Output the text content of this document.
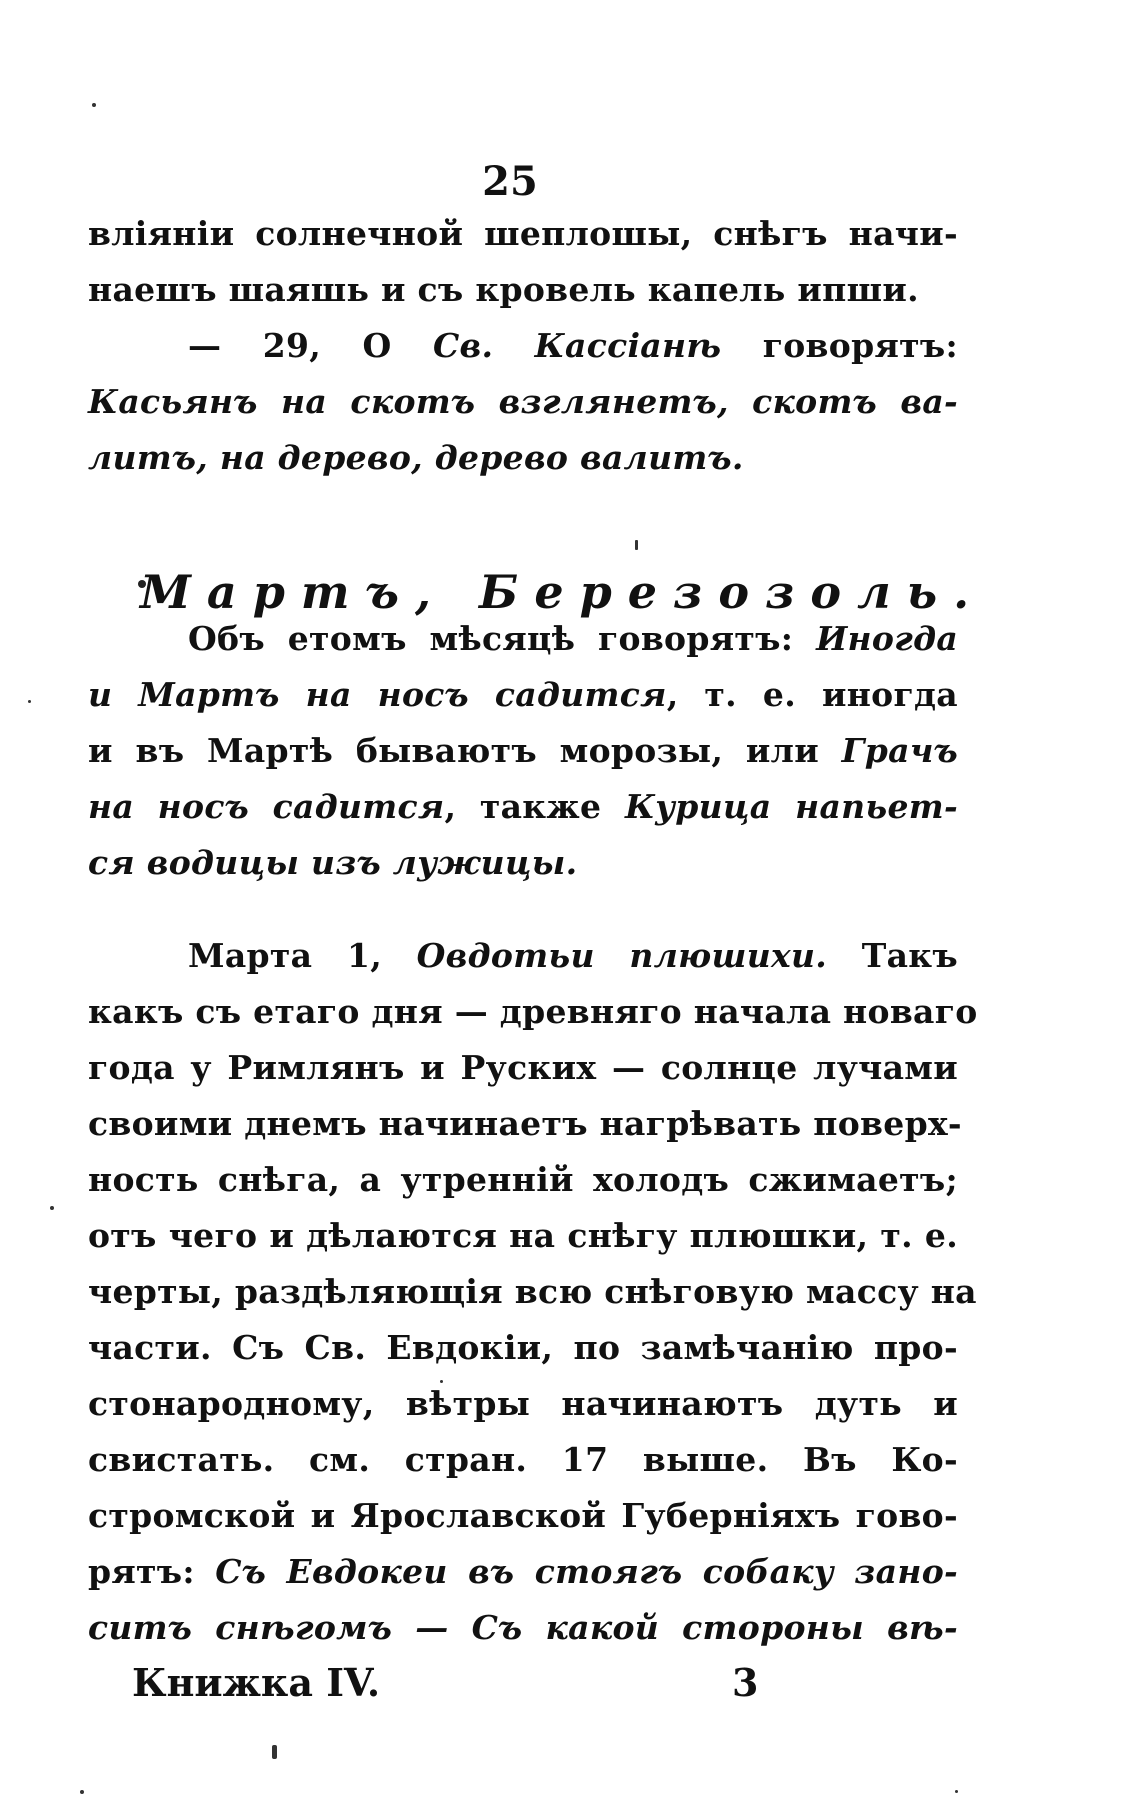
25
вліяніи солнечной шеплошы, снѣгъ начи-
наешъ шаяшь и съ кровель капель ипши.
— 29, О Св. Кассіанѣ говорятъ:
Касьянъ на скотъ взглянетъ, скотъ ва-
литъ, на дерево, дерево валитъ.
Мартъ, Березозоль.
Объ етомъ мѣсяцѣ говорятъ: Иногда
и Мартъ на носъ садится, т. е. иногда
и въ Мартѣ бываютъ морозы, или Грачъ
на носъ садится, также Курица напьет-
ся водицы изъ лужицы.
Марта 1, Овдотьи плюшихи. Такъ
какъ съ етаго дня — древняго начала новаго
года у Римлянъ и Руских — солнце лучами
своими днемъ начинаетъ нагрѣвать поверх-
ность снѣга, а утренній холодъ сжимаетъ;
отъ чего и дѣлаются на снѣгу плюшки, т. е.
черты, раздѣляющія всю снѣговую массу на
части. Съ Св. Евдокіи, по замѣчанію про-
стонародному, вѣтры начинаютъ дуть и
свистать. см. стран. 17 выше. Въ Ко-
стромской и Ярославской Губерніяхъ гово-
рятъ: Съ Евдокеи въ стоягъ собаку зано-
ситъ снѣгомъ — Съ какой стороны вѣ-
Книжка IV.	3
